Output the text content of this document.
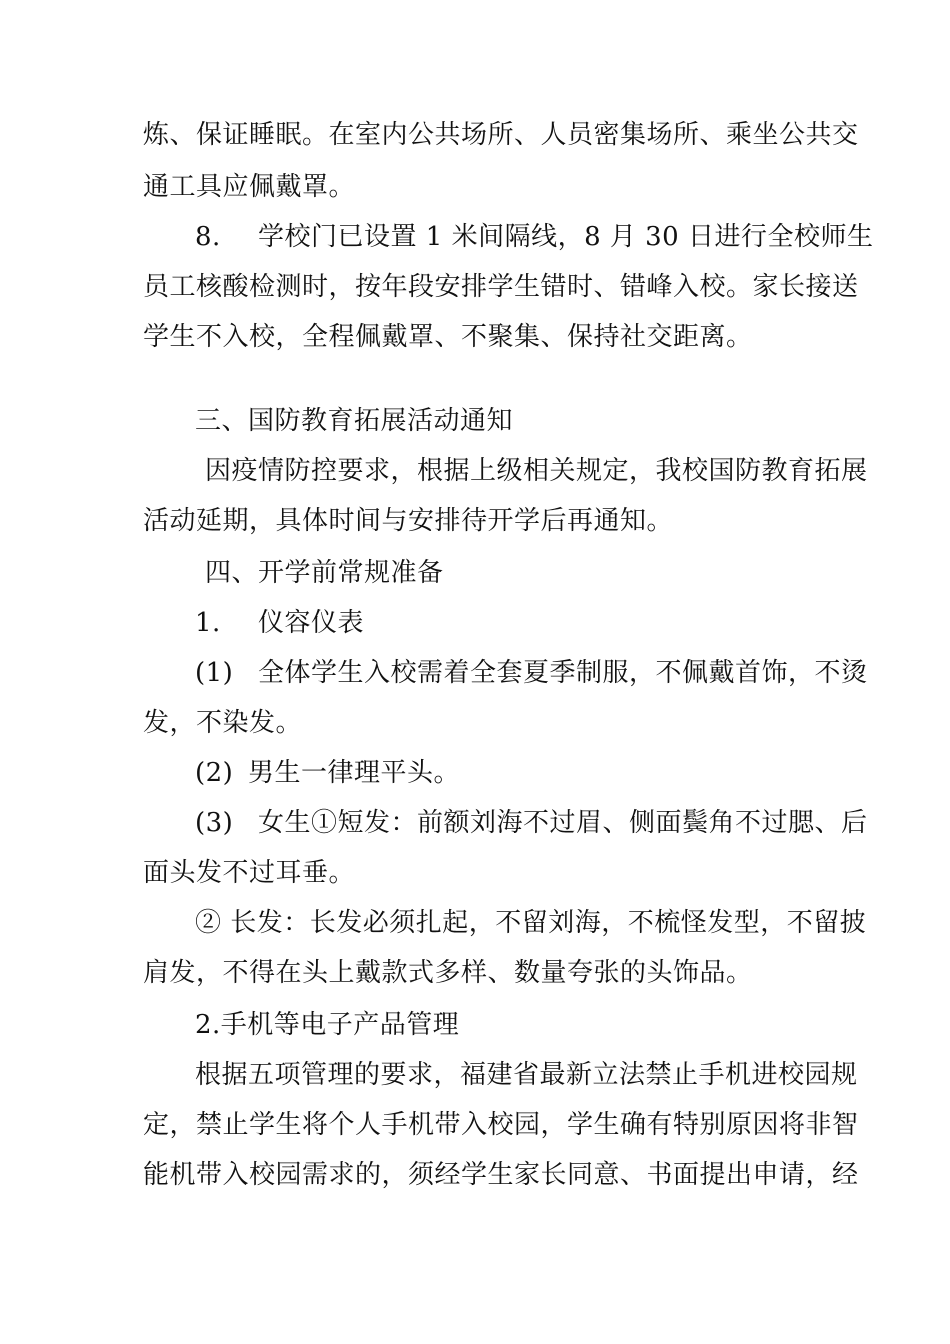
炼、保证睡眠。在室内公共场所、人员密集场所、乘坐公共交
通工具应佩戴罩。
8. 学校门已设置 1 米间隔线，8 月 30 日进行全校师生
员工核酸检测时，按年段安排学生错时、错峰入校。家长接送
学生不入校，全程佩戴罩、不聚集、保持社交距离。
三、国防教育拓展活动通知
因疫情防控要求，根据上级相关规定，我校国防教育拓展
活动延期，具体时间与安排待开学后再通知。
四、开学前常规准备
1. 仪容仪表
(1) 全体学生入校需着全套夏季制服，不佩戴首饰，不烫
发，不染发。
(2) 男生一律理平头。
(3) 女生①短发：前额刘海不过眉、侧面鬓角不过腮、后
面头发不过耳垂。
② 长发：长发必须扎起，不留刘海，不梳怪发型，不留披
肩发，不得在头上戴款式多样、数量夸张的头饰品。
2.手机等电子产品管理
根据五项管理的要求，福建省最新立法禁止手机进校园规
定，禁止学生将个人手机带入校园，学生确有特别原因将非智
能机带入校园需求的，须经学生家长同意、书面提出申请，经
